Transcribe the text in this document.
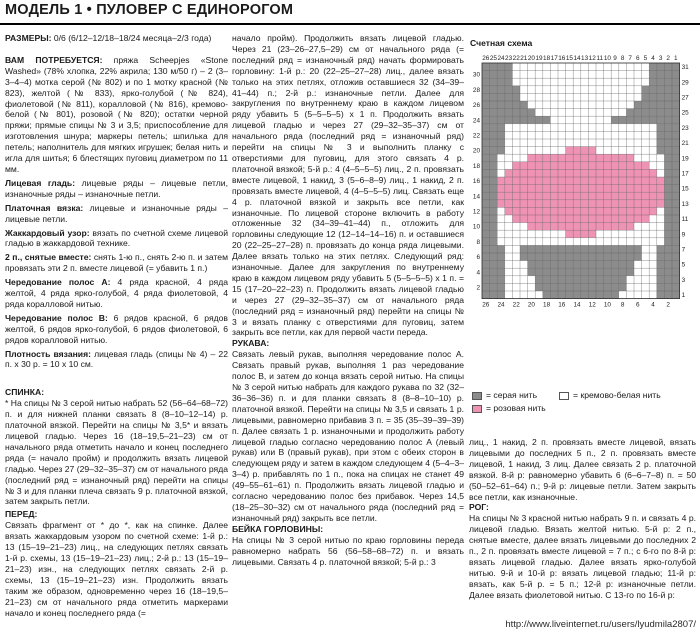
МОДЕЛЬ 1 • ПУЛОВЕР С ЕДИНОРОГОМ

РАЗМЕРЫ: 0/6 (6/12–12/18–18/24 месяца–2/3 года)

ВАМ ПОТРЕБУЕТСЯ: пряжа Scheepjes «Stone Washed» (78% хлопка, 22% акрила; 130 м/50 г) – 2 (3–3–4–4) мотка серой (№ 802) и по 1 мотку красной (№ 823), желтой (№ 833), ярко-голубой (№ 824), фиолетовой (№ 811), коралловой (№ 816), кремово-белой (№ 801), розовой (№ 820); остатки черной пряжи; прямые спицы № 3 и 3,5; приспособление для изготовления шнура; маркеры петель; шпилька для петель; наполнитель для мягких игрушек; белая нить и игла для шитья; 6 блестящих пуговиц диаметром по 11 мм.

Лицевая гладь: лицевые ряды – лицевые петли, изнаночные ряды – изнаночные петли.

Платочная вязка: лицевые и изнаночные ряды – лицевые петли.

Жаккардовый узор: вязать по счетной схеме лицевой гладью в жаккардовой технике.

2 п., снятые вместе: снять 1-ю п., снять 2-ю п. и затем провязать эти 2 п. вместе лицевой (= убавить 1 п.)

Чередование полос А: 4 ряда красной, 4 ряда желтой, 4 ряда ярко-голубой, 4 ряда фиолетовой, 4 ряда коралловой нитью.

Чередование полос В: 6 рядов красной, 6 рядов желтой, 6 рядов ярко-голубой, 6 рядов фиолетовой, 6 рядов коралловой нитью.

Плотность вязания: лицевая гладь (спицы № 4) – 22 п. x 30 р. = 10 x 10 см.

СПИНКА:

* На спицы № 3 серой нитью набрать 52 (56–64–68–72) п. и для нижней планки связать 8 (8–10–12–14) р. платочной вязкой. Перейти на спицы № 3,5* и вязать лицевой гладью. Через 16 (18–19,5–21–23) см от начального ряда отметить начало и конец последнего ряда (= начало пройм) и продолжить вязать лицевой гладью. Через 27 (29–32–35–37) см от начального ряда (последний ряд = изнаночный ряд) перейти на спицы № 3 и для планки плеча связать 9 р. платочной вязкой, затем закрыть петли.

ПЕРЕД:

Связать фрагмент от * до *, как на спинке. Далее вязать жаккардовым узором по счетной схеме: 1-й р.: 13 (15–19–21–23) лиц., на следующих петлях связать 1-й р. схемы, 13 (15–19–21–23) лиц.; 2-й р.: 13 (15–19–21–23) изн., на следующих петлях связать 2-й р. схемы, 13 (15–19–21–23) изн. Продолжить вязать таким же образом, одновременно через 16 (18–19,5–21–23) см от начального ряда отметить маркерами начало и конец последнего ряда (=

начало пройм). Продолжить вязать лицевой гладью. Через 21 (23–26–27,5–29) см от начального ряда (= последний ряд = изнаночный ряд) начать формировать горловину: 1-й р.: 20 (22–25–27–28) лиц., далее вязать только на этих петлях, отложив оставшиеся 32 (34–39–41–44) п.; 2-й р.: изнаночные петли. Далее для закругления по внутреннему краю в каждом лицевом ряду убавить 5 (5–5–5–5) x 1 п. Продолжить вязать лицевой гладью и через 27 (29–32–35–37) см от начального ряда (последний ряд = изнаночный ряд) перейти на спицы № 3 и выполнить планку с отверстиями для пуговиц, для этого связать 4 р. платочной вязкой; 5-й р.: 4 (4–5–5–5) лиц., 2 п. провязать вместе лицевой, 1 накид, 3 (5–6–8–9) лиц., 1 накид, 2 п. провязать вместе лицевой, 4 (4–5–5–5) лиц. Связать еще 4 р. платочной вязкой и закрыть все петли, как изнаночные. По лицевой стороне включить в работу отложенные 32 (34–39–41–44) п., отложить для горловины следующие 12 (12–14–14–16) п. и оставшиеся 20 (22–25–27–28) п. провязать до конца ряда лицевыми. Далее вязать только на этих петлях. Следующий ряд: изнаночные. Далее для закругления по внутреннему краю в каждом лицевом ряду убавить 5 (5–5–5–5) x 1 п. = 15 (17–20–22–23) п. Продолжить вязать лицевой гладью и через 27 (29–32–35–37) см от начального ряда (последний ряд = изнаночный ряд) перейти на спицы № 3 и вязать планку с отверстиями для пуговиц, затем закрыть все петли, как для первой части переда.

РУКАВА:

Связать левый рукав, выполняя чередование полос А. Связать правый рукав, выполняя 1 раз чередование полос В, и затем до конца вязать серой нитью. На спицы № 3 серой нитью набрать для каждого рукава по 32 (32–36–36–36) п. и для планки связать 8 (8–8–10–10) р. платочной вязкой. Перейти на спицы № 3,5 и связать 1 р. лицевыми, равномерно прибавив 3 п. = 35 (35–39–39–39) п. Далее связать 1 р. изнаночными и продолжить работу лицевой гладью согласно чередованию полос А (левый рукав) или В (правый рукав), при этом с обеих сторон в следующем ряду и затем в каждом следующем 4 (5–4–3–3–4) р. прибавлять по 1 п., пока на спицах не станет 49 (49–55–61–61) п. Продолжить вязать лицевой гладью и согласно чередованию полос без прибавок. Через 14,5 (18–25–30–32) см от начального ряда (последний ряд = изнаночный ряд) закрыть все петли.

БЕЙКА ГОРЛОВИНЫ:

На спицы № 3 серой нитью по краю горловины переда равномерно набрать 56 (56–58–68–72) п. и вязать лицевыми. Связать 4 р. платочной вязкой; 5-й р.: 3

Счетная схема
26 25 24 23 22 21 20 19 18 17 16 15 14 13 12 11 10 9 8 7 6 5 4 3 2 1
26 24 22 20 18 16 14 12 10 8 6 4 2
31
29
27
25
23
21
19
17
15
13
11
9
7
5
3
1
30
28
26
24
22
20
18
16
14
12
10
8
6
4
2
= серая нить	= кремово-белая нить
= розовая нить

лиц., 1 накид, 2 п. провязать вместе лицевой, вязать лицевыми до последних 5 п., 2 п. провязать вместе лицевой, 1 накид, 3 лиц. Далее связать 2 р. платочной вязкой. 8-й р: равномерно убавить 6 (6–6–7–8) п. = 50 (50–52–61–64) п.; 9-й р: лицевые петли. Затем закрыть все петли, как изнаночные.

РОГ:

На спицы № 3 красной нитью набрать 9 п. и связать 4 р. лицевой гладью. Вязать желтой нитью. 5-й р: 2 п., снятые вместе, далее вязать лицевыми до последних 2 п., 2 п. провязать вместе лицевой = 7 п.; с 6-го по 8-й р: вязать лицевой гладью. Далее вязать ярко-голубой нитью. 9-й и 10-й р: вязать лицевой гладью; 11-й р: вязать, как 5-й р. = 5 п.; 12-й р: изнаночные петли. Далее вязать фиолетовой нитью. С 13-го по 16-й р:

http://www.liveinternet.ru/users/lyudmila2807/
